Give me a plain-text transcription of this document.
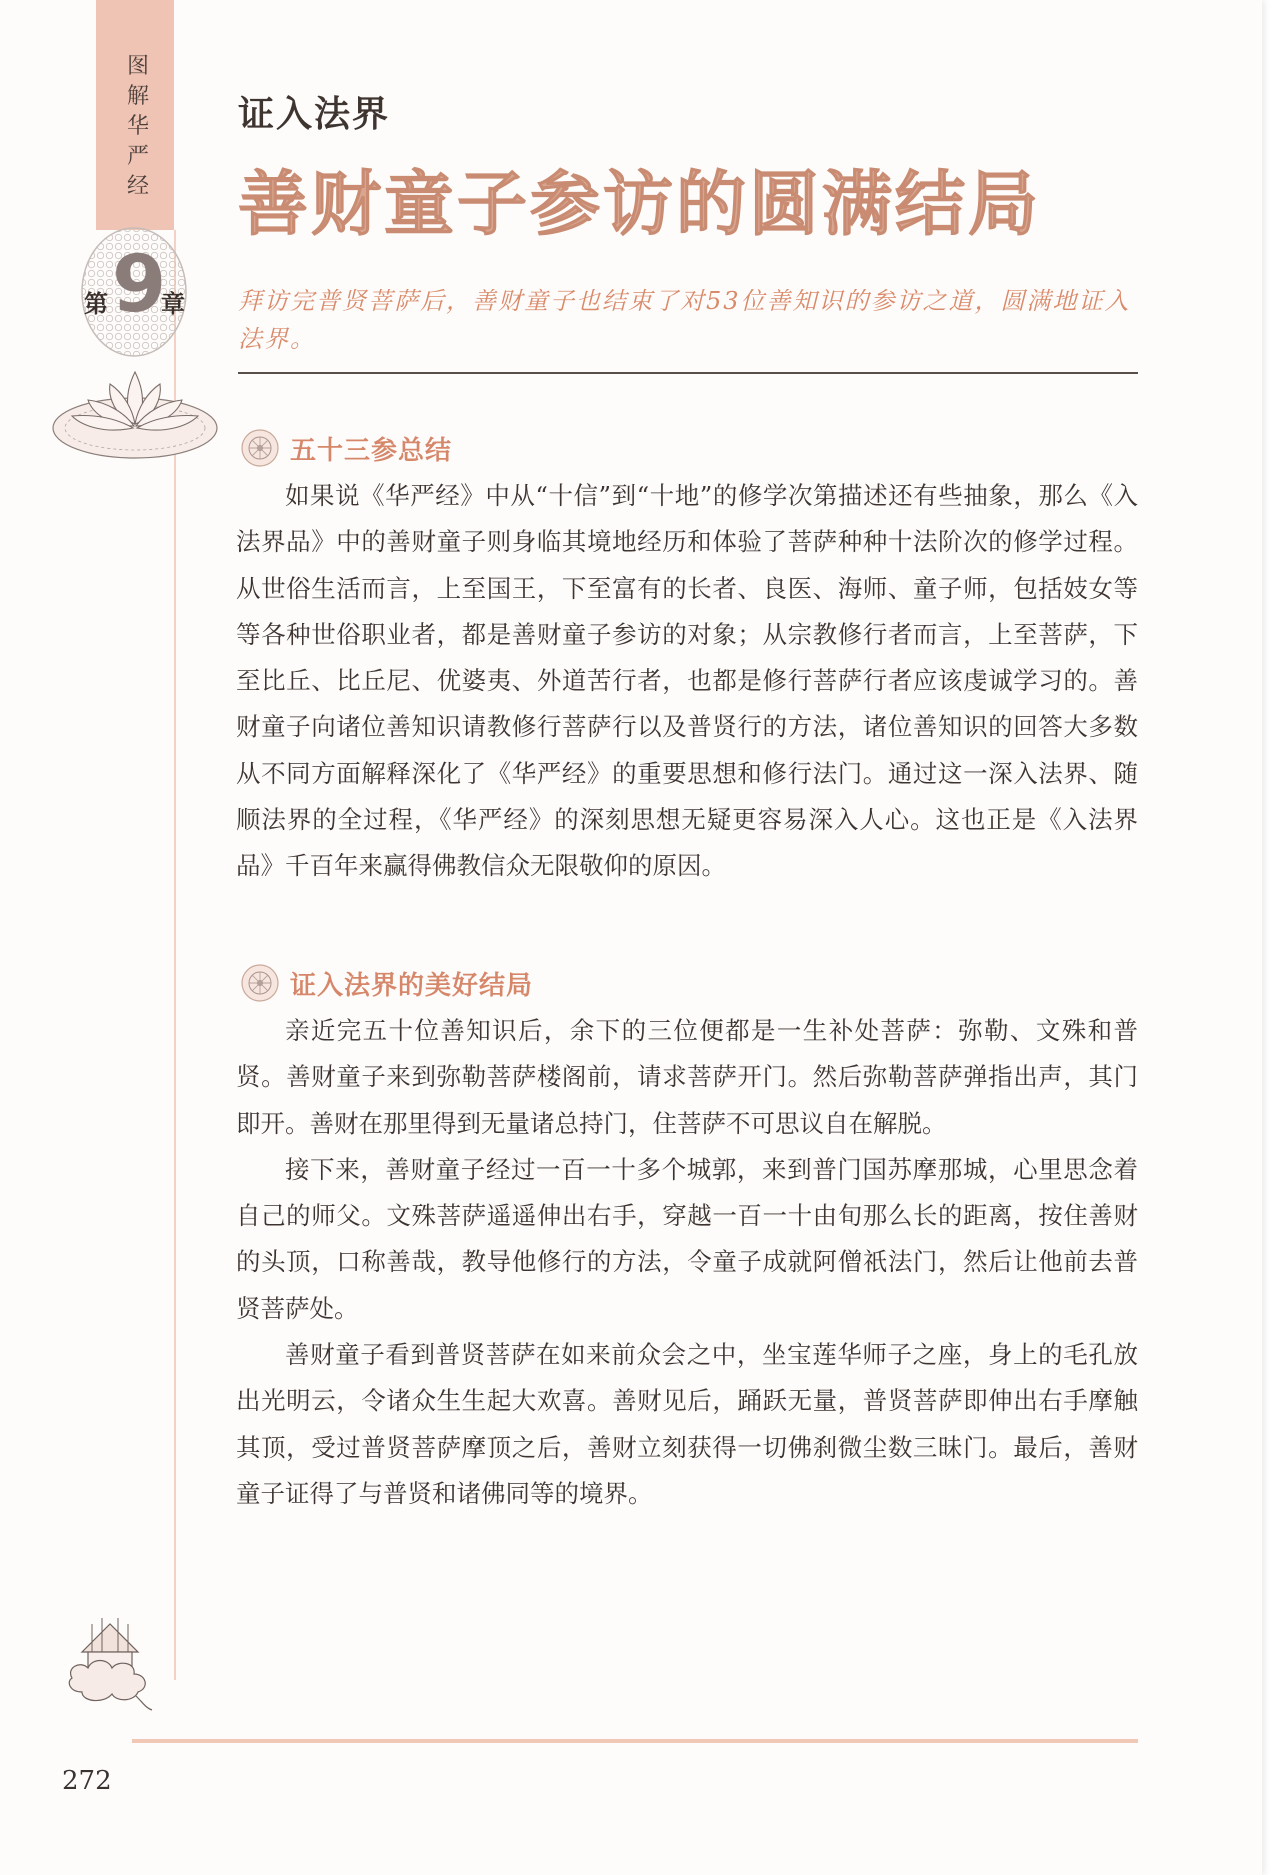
图
解
华
严
经
9
第 章
证入法界
善财童子参访的圆满结局
拜访完普贤菩萨后，善财童子也结束了对53位善知识的参访之道，圆满地证入法界。
五十三参总结

如果说《华严经》中从“十信”到“十地”的修学次第描述还有些抽象，那么《入法界品》中的善财童子则身临其境地经历和体验了菩萨种种十法阶次的修学过程。从世俗生活而言，上至国王，下至富有的长者、良医、海师、童子师，包括妓女等等各种世俗职业者，都是善财童子参访的对象；从宗教修行者而言，上至菩萨，下至比丘、比丘尼、优婆夷、外道苦行者，也都是修行菩萨行者应该虔诚学习的。善财童子向诸位善知识请教修行菩萨行以及普贤行的方法，诸位善知识的回答大多数从不同方面解释深化了《华严经》的重要思想和修行法门。通过这一深入法界、随顺法界的全过程，《华严经》的深刻思想无疑更容易深入人心。这也正是《入法界品》千百年来赢得佛教信众无限敬仰的原因。

证入法界的美好结局

亲近完五十位善知识后，余下的三位便都是一生补处菩萨：弥勒、文殊和普贤。善财童子来到弥勒菩萨楼阁前，请求菩萨开门。然后弥勒菩萨弹指出声，其门即开。善财在那里得到无量诸总持门，住菩萨不可思议自在解脱。

接下来，善财童子经过一百一十多个城郭，来到普门国苏摩那城，心里思念着自己的师父。文殊菩萨遥遥伸出右手，穿越一百一十由旬那么长的距离，按住善财的头顶，口称善哉，教导他修行的方法，令童子成就阿僧祇法门，然后让他前去普贤菩萨处。

善财童子看到普贤菩萨在如来前众会之中，坐宝莲华师子之座，身上的毛孔放出光明云，令诸众生生起大欢喜。善财见后，踊跃无量，普贤菩萨即伸出右手摩触其顶，受过普贤菩萨摩顶之后，善财立刻获得一切佛刹微尘数三昧门。最后，善财童子证得了与普贤和诸佛同等的境界。

272
